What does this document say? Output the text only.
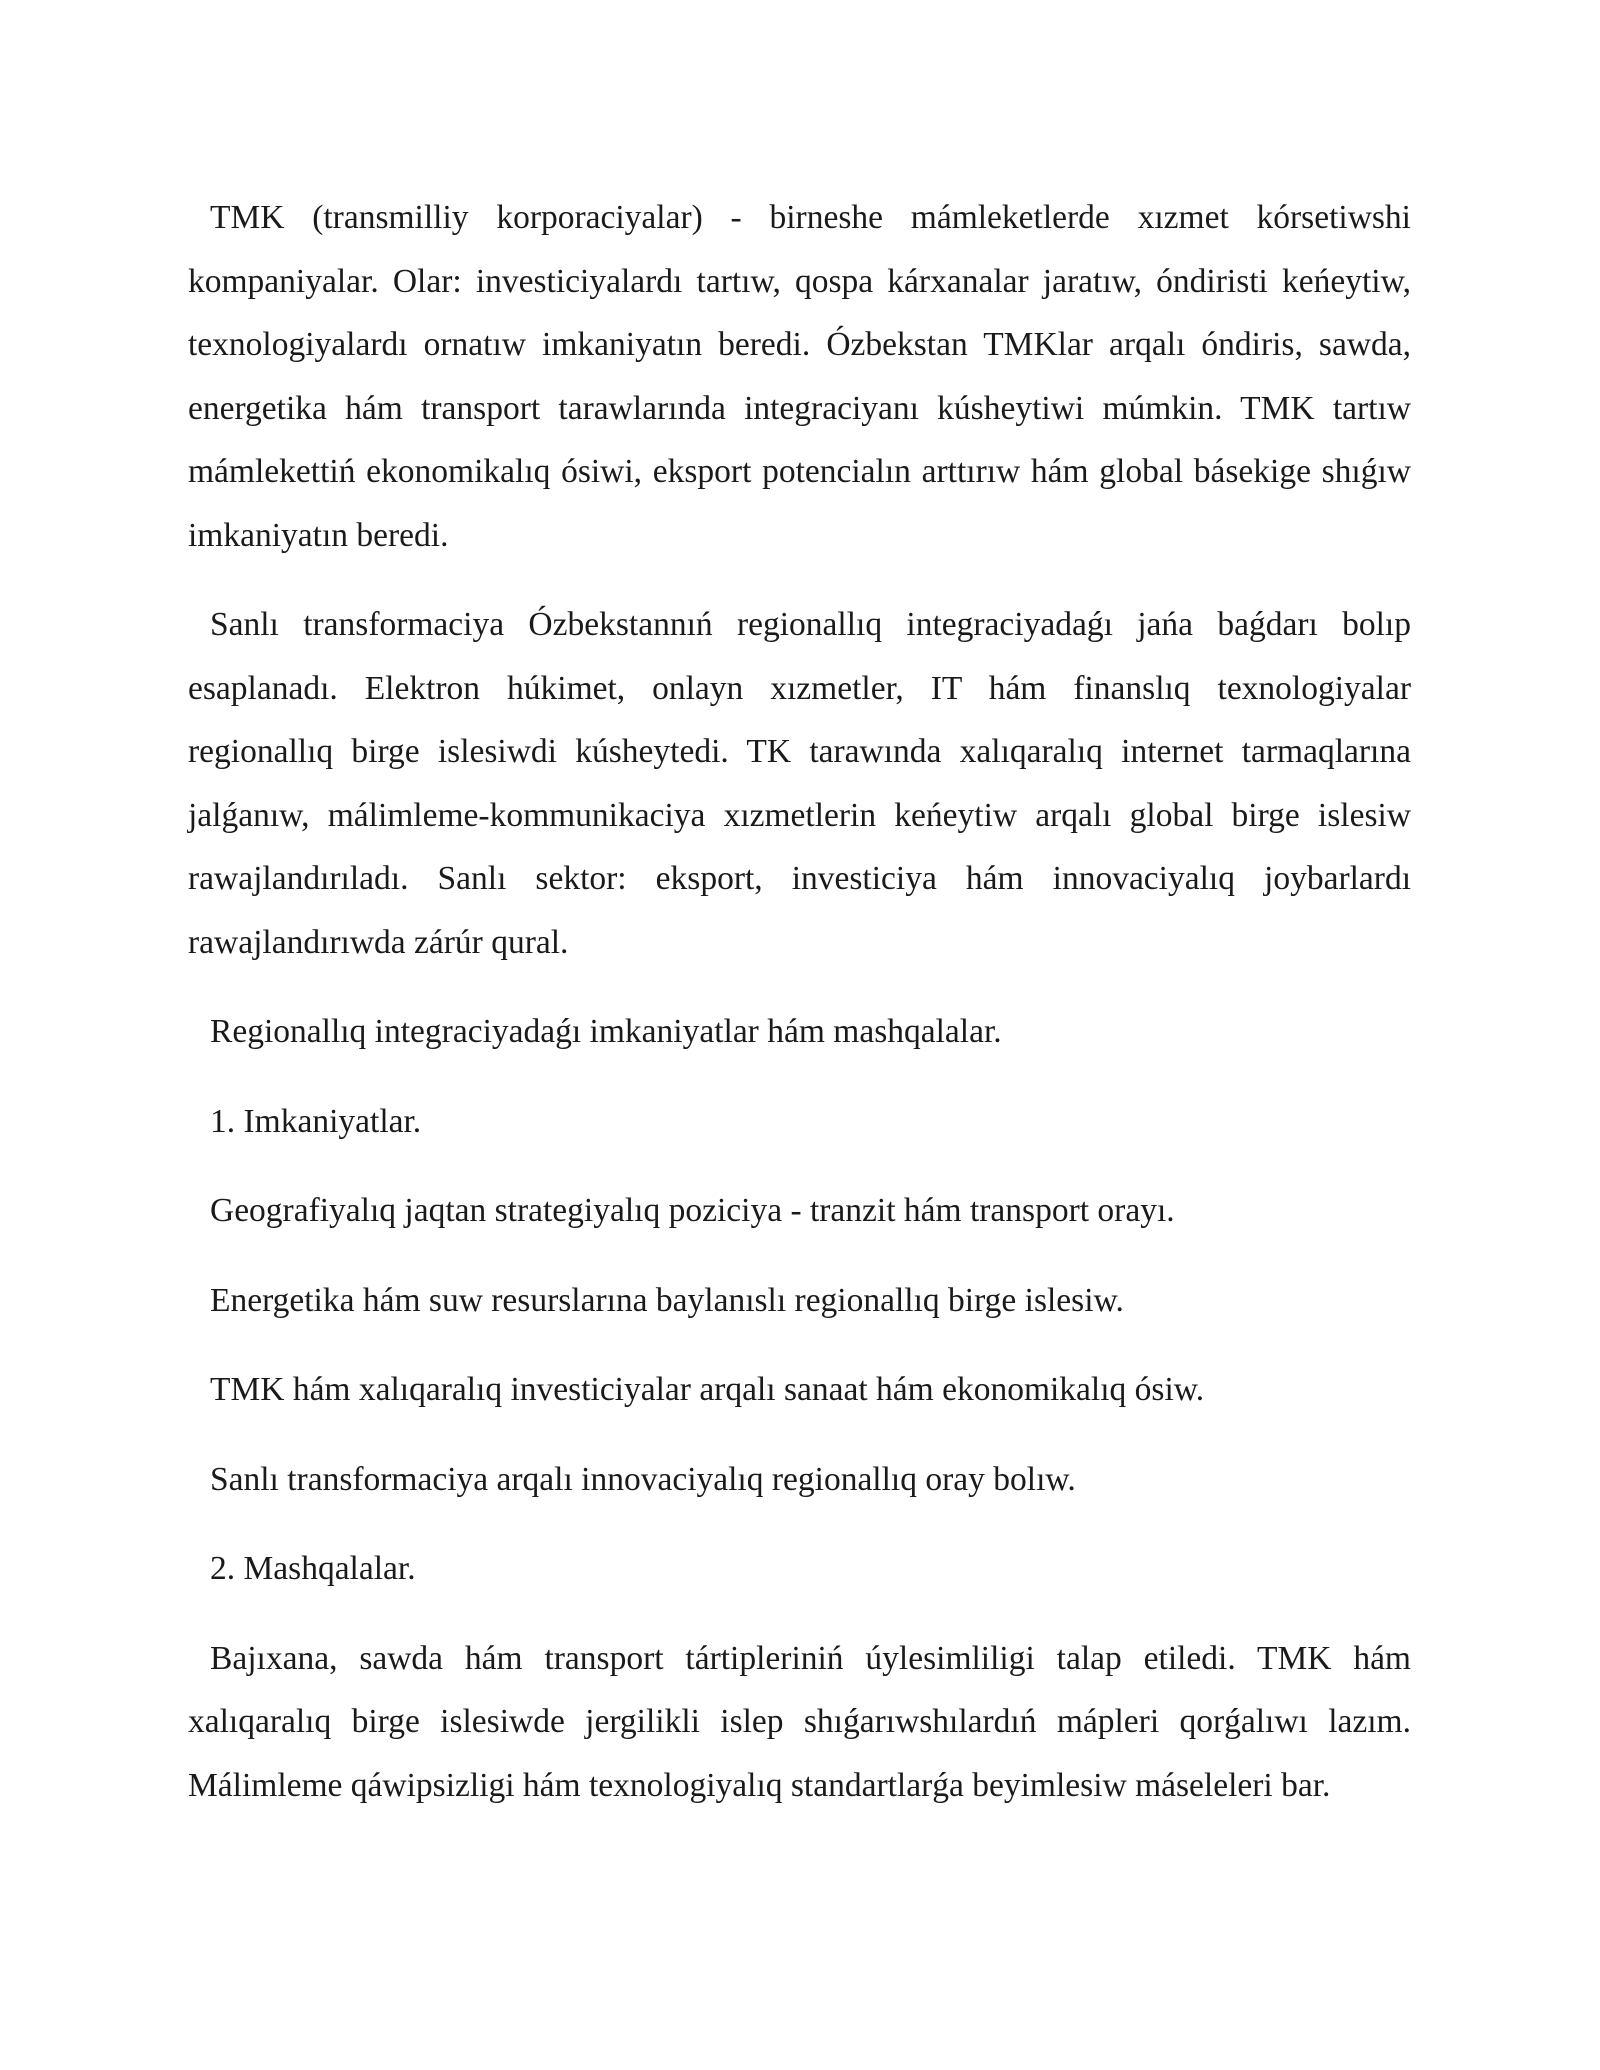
TMK (transmilliy korporaciyalar) - birneshe mámleketlerde xızmet kórsetiwshi kompaniyalar. Olar: investiciyalardı tartıw, qospa kárxanalar jaratıw, óndiristi keńeytiw, texnologiyalardı ornatıw imkaniyatın beredi. Ózbekstan TMKlar arqalı óndiris, sawda, energetika hám transport tarawlarında integraciyanı kúsheytiwi múmkin. TMK tartıw mámlekettiń ekonomikalıq ósiwi, eksport potencialın arttırıw hám global básekige shıǵıw imkaniyatın beredi.

Sanlı transformaciya Ózbekstannıń regionallıq integraciyadaǵı jańa baǵdarı bolıp esaplanadı. Elektron húkimet, onlayn xızmetler, IT hám finanslıq texnologiyalar regionallıq birge islesiwdi kúsheytedi. TK tarawında xalıqaralıq internet tarmaqlarına jalǵanıw, málimleme-kommunikaciya xızmetlerin keńeytiw arqalı global birge islesiw rawajlandırıladı. Sanlı sektor: eksport, investiciya hám innovaciyalıq joybarlardı rawajlandırıwda zárúr qural.

Regionallıq integraciyadaǵı imkaniyatlar hám mashqalalar.

1. Imkaniyatlar.

Geografiyalıq jaqtan strategiyalıq poziciya - tranzit hám transport orayı.

Energetika hám suw resurslarına baylanıslı regionallıq birge islesiw.

TMK hám xalıqaralıq investiciyalar arqalı sanaat hám ekonomikalıq ósiw.

Sanlı transformaciya arqalı innovaciyalıq regionallıq oray bolıw.

2. Mashqalalar.

Bajıxana, sawda hám transport tártipleriniń úylesimliligi talap etiledi. TMK hám xalıqaralıq birge islesiwde jergilikli islep shıǵarıwshılardıń mápleri qorǵalıwı lazım. Málimleme qáwipsizligi hám texnologiyalıq standartlarǵa beyimlesiw máseleleri bar.
